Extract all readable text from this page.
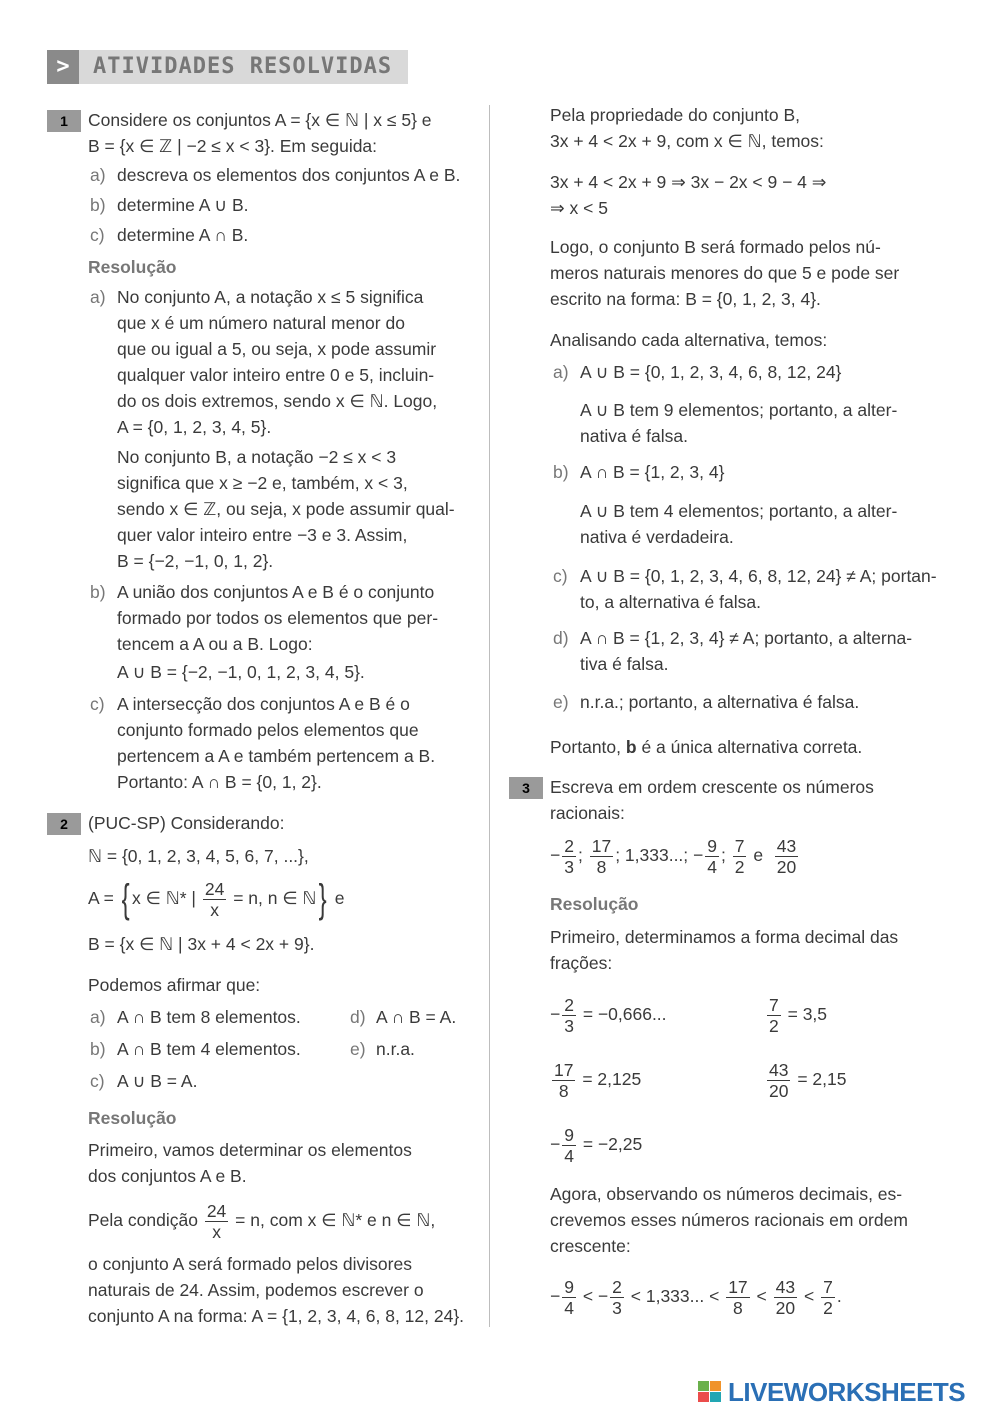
>	ATIVIDADES RESOLVIDAS
1	Considere os conjuntos A = {x ∈ ℕ | x ≤ 5} e
B = {x ∈ ℤ | −2 ≤ x < 3}. Em seguida:
a) descreva os elementos dos conjuntos A e B.
b) determine A ∪ B.
c) determine A ∩ B.
Resolução
a) No conjunto A, a notação x ≤ 5 significa
que x é um número natural menor do
que ou igual a 5, ou seja, x pode assumir
qualquer valor inteiro entre 0 e 5, incluin-
do os dois extremos, sendo x ∈ ℕ. Logo,
A = {0, 1, 2, 3, 4, 5}.
No conjunto B, a notação −2 ≤ x < 3
significa que x ≥ −2 e, também, x < 3,
sendo x ∈ ℤ, ou seja, x pode assumir qual-
quer valor inteiro entre −3 e 3. Assim,
B = {−2, −1, 0, 1, 2}.
b) A união dos conjuntos A e B é o conjunto
formado por todos os elementos que per-
tencem a A ou a B. Logo:
A ∪ B = {−2, −1, 0, 1, 2, 3, 4, 5}.
c) A intersecção dos conjuntos A e B é o
conjunto formado pelos elementos que
pertencem a A e também pertencem a B.
Portanto: A ∩ B = {0, 1, 2}.
2	(PUC-SP) Considerando:
ℕ = {0, 1, 2, 3, 4, 5, 6, 7, ...},
A = { x ∈ ℕ* | $\frac{24}{x} = n$, n ∈ ℕ} e
B = {x ∈ ℕ | 3x + 4 < 2x + 9}.
Podemos afirmar que:
a) A ∩ B tem 8 elementos.	d) A ∩ B = A.
b) A ∩ B tem 4 elementos.	e) n.r.a.
c) A ∪ B = A.
Resolução
Primeiro, vamos determinar os elementos
dos conjuntos A e B.
Pela condição $\frac{24}{x} = n$, com x ∈ ℕ* e n ∈ ℕ,
o conjunto A será formado pelos divisores
naturais de 24. Assim, podemos escrever o
conjunto A na forma: A = {1, 2, 3, 4, 6, 8, 12, 24}.
Pela propriedade do conjunto B,
3x + 4 < 2x + 9, com x ∈ ℕ, temos:
3x + 4 < 2x + 9 ⇒ 3x − 2x < 9 − 4 ⇒
⇒ x < 5
Logo, o conjunto B será formado pelos nú-
meros naturais menores do que 5 e pode ser
escrito na forma: B = {0, 1, 2, 3, 4}.
Analisando cada alternativa, temos:
a) A ∪ B = {0, 1, 2, 3, 4, 6, 8, 12, 24}
A ∪ B tem 9 elementos; portanto, a alter-
nativa é falsa.
b) A ∩ B = {1, 2, 3, 4}
A ∪ B tem 4 elementos; portanto, a alter-
nativa é verdadeira.
c) A ∪ B = {0, 1, 2, 3, 4, 6, 8, 12, 24} ≠ A; portan-
to, a alternativa é falsa.
d) A ∩ B = {1, 2, 3, 4} ≠ A; portanto, a alterna-
tiva é falsa.
e) n.r.a.; portanto, a alternativa é falsa.
Portanto, b é a única alternativa correta.
3	Escreva em ordem crescente os números
racionais:
− $\frac{2}{3}$ ; $\frac{17}{8}$ ; 1,333...; − $\frac{9}{4}$ ; $\frac{7}{2}$ e $\frac{43}{20}$
Resolução
Primeiro, determinamos a forma decimal das
frações:
− $\frac{2}{3} = -0,666$...	$\frac{7}{2} = 3,5$
$\frac{17}{8} = 2,125$	$\frac{43}{20} = 2,15$
− $\frac{9}{4} = -2,25$
Agora, observando os números decimais, es-
crevemos esses números racionais em ordem
crescente:
− $\frac{9}{4}$ < − $\frac{2}{3} < 1,333$... < $\frac{17}{8} < \frac{43}{20} < \frac{7}{2}$ .
LIVEWORKSHEETS
